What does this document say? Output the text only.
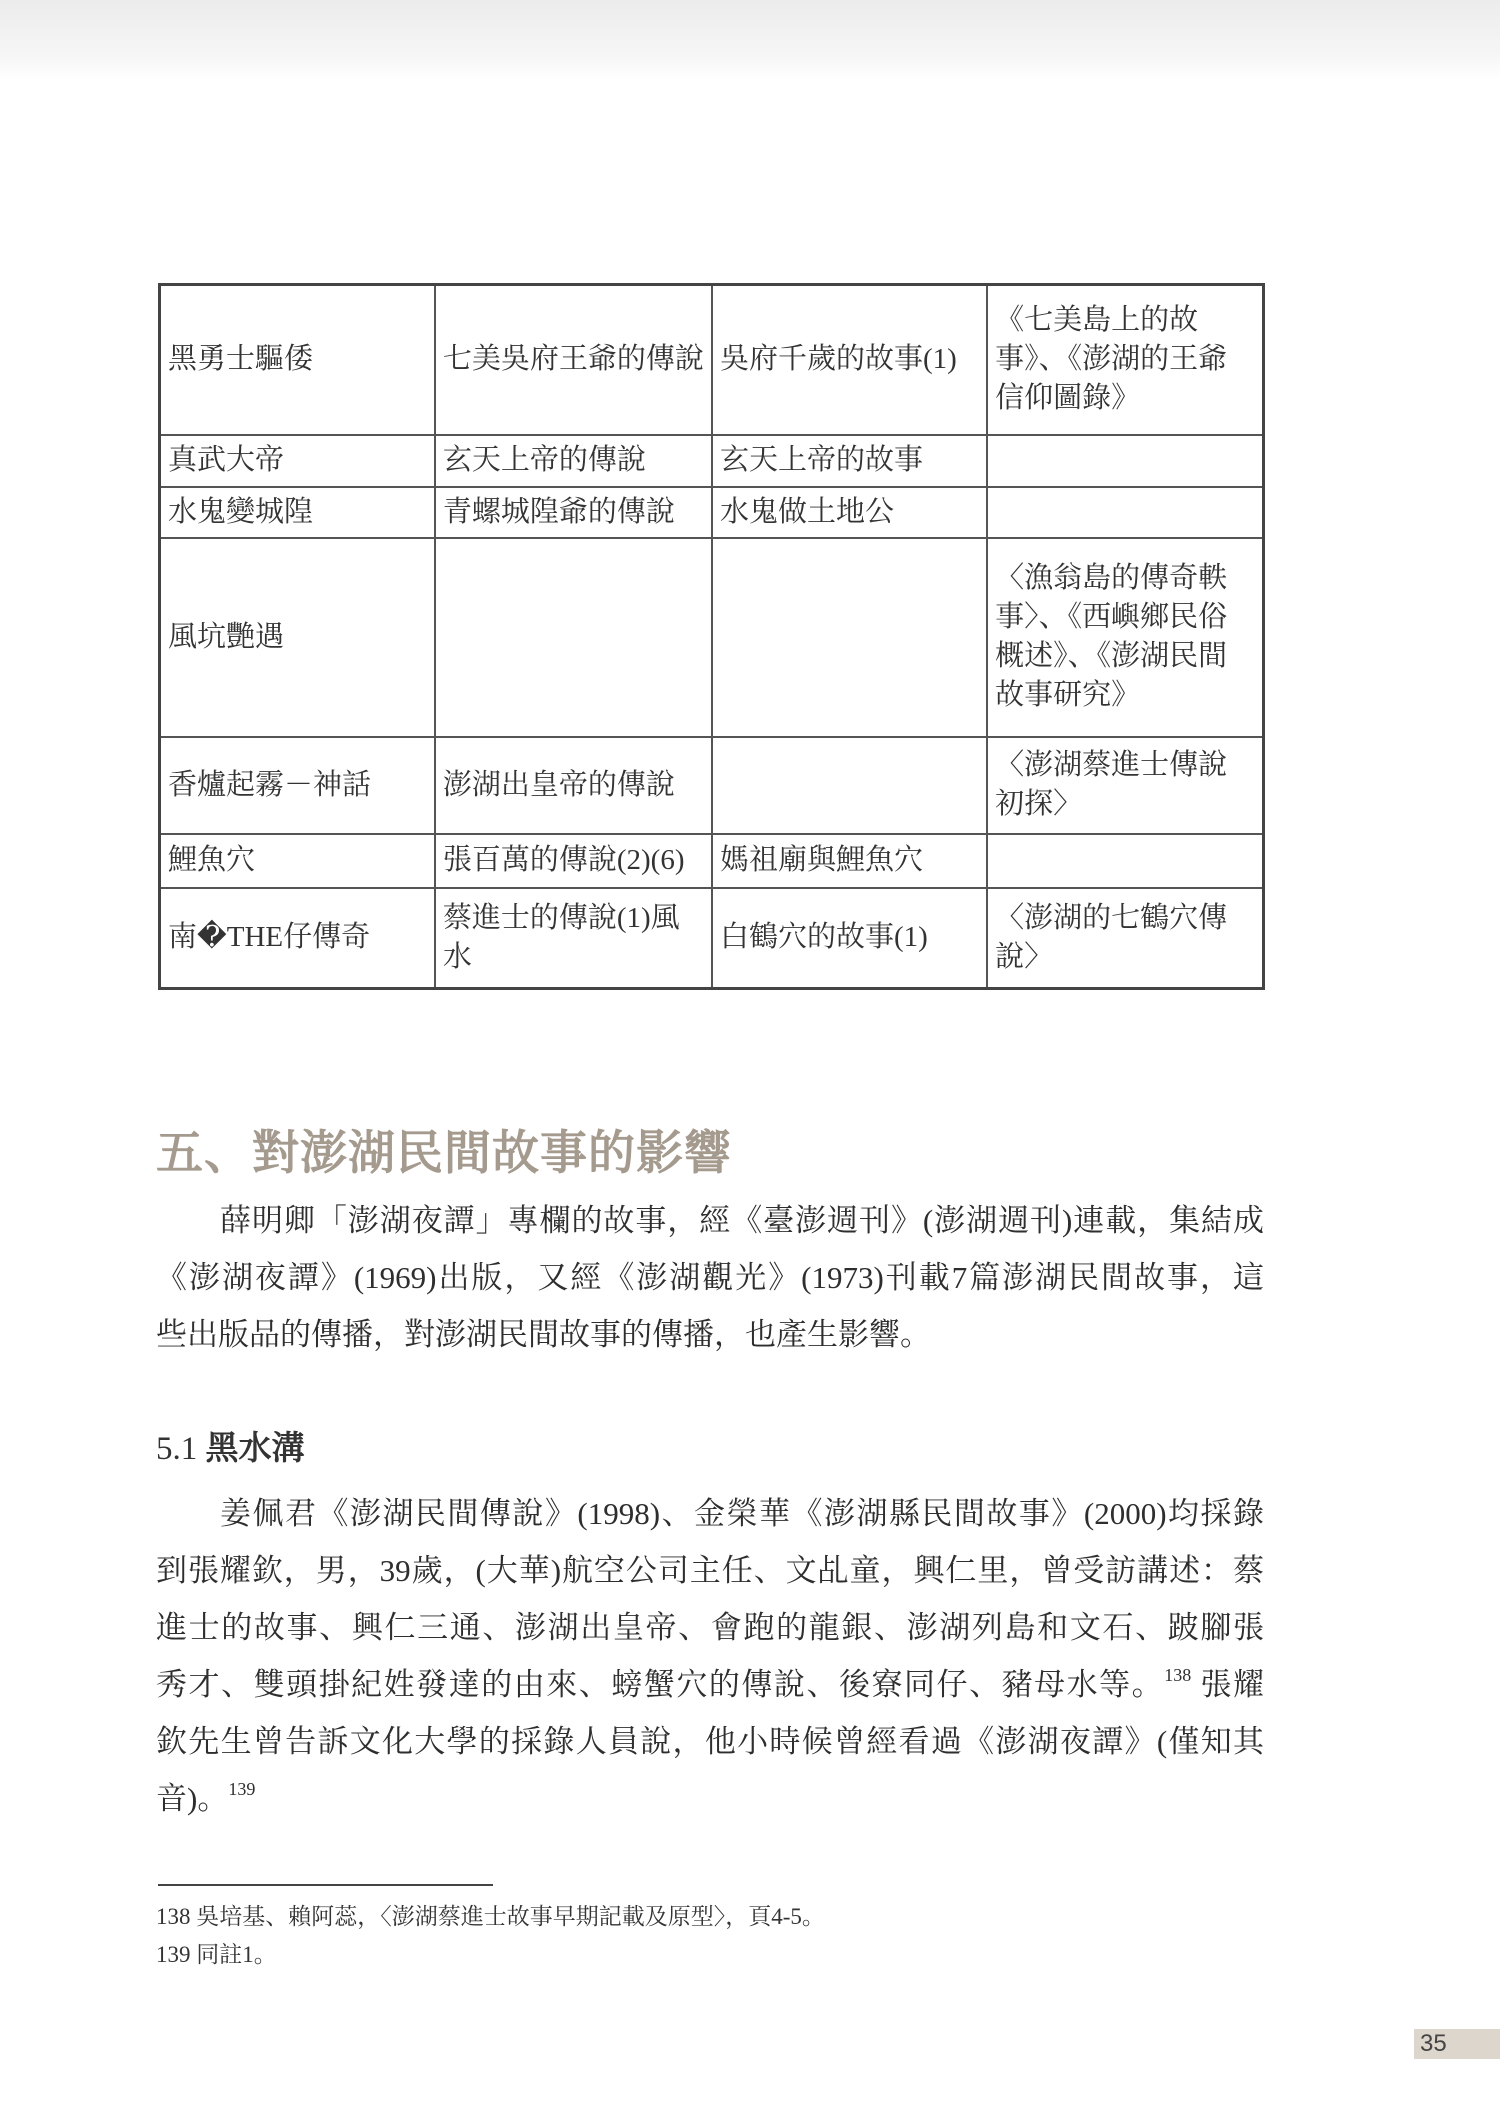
黑勇士驅倭	七美吳府王爺的傳說	吳府千歲的故事(1)	《七美島上的故事》、《澎湖的王爺信仰圖錄》
真武大帝	玄天上帝的傳說	玄天上帝的故事	
水鬼變城隍	青螺城隍爺的傳說	水鬼做土地公	
風坑艷遇			〈漁翁島的傳奇軼事〉、《西嶼鄉民俗概述》、《澎湖民間故事研究》
香爐起霧－神話	澎湖出皇帝的傳說		〈澎湖蔡進士傳說初探〉
鯉魚穴	張百萬的傳說(2)(6)	媽祖廟與鯉魚穴	
南�THE仔傳奇	蔡進士的傳說(1)風水	白鶴穴的故事(1)	〈澎湖的七鶴穴傳說〉
五、對澎湖民間故事的影響
薛明卿「澎湖夜譚」專欄的故事，經《臺澎週刊》(澎湖週刊)連載，集結成
《澎湖夜譚》(1969)出版，又經《澎湖觀光》(1973)刊載7篇澎湖民間故事，這
些出版品的傳播，對澎湖民間故事的傳播，也產生影響。
5.1 黑水溝
姜佩君《澎湖民間傳說》(1998)、金榮華《澎湖縣民間故事》(2000)均採錄
到張耀欽，男，39歲，(大華)航空公司主任、文乩童，興仁里，曾受訪講述：蔡
進士的故事、興仁三通、澎湖出皇帝、會跑的龍銀、澎湖列島和文石、跛腳張
秀才、雙頭掛紀姓發達的由來、螃蟹穴的傳說、後寮同仔、豬母水等。$^{138}$ 張耀
欽先生曾告訴文化大學的採錄人員說，他小時候曾經看過《澎湖夜譚》(僅知其
音)。$^{139}$
138 吳培基、賴阿蕊，〈澎湖蔡進士故事早期記載及原型〉，頁4-5。
139 同註1。
35
